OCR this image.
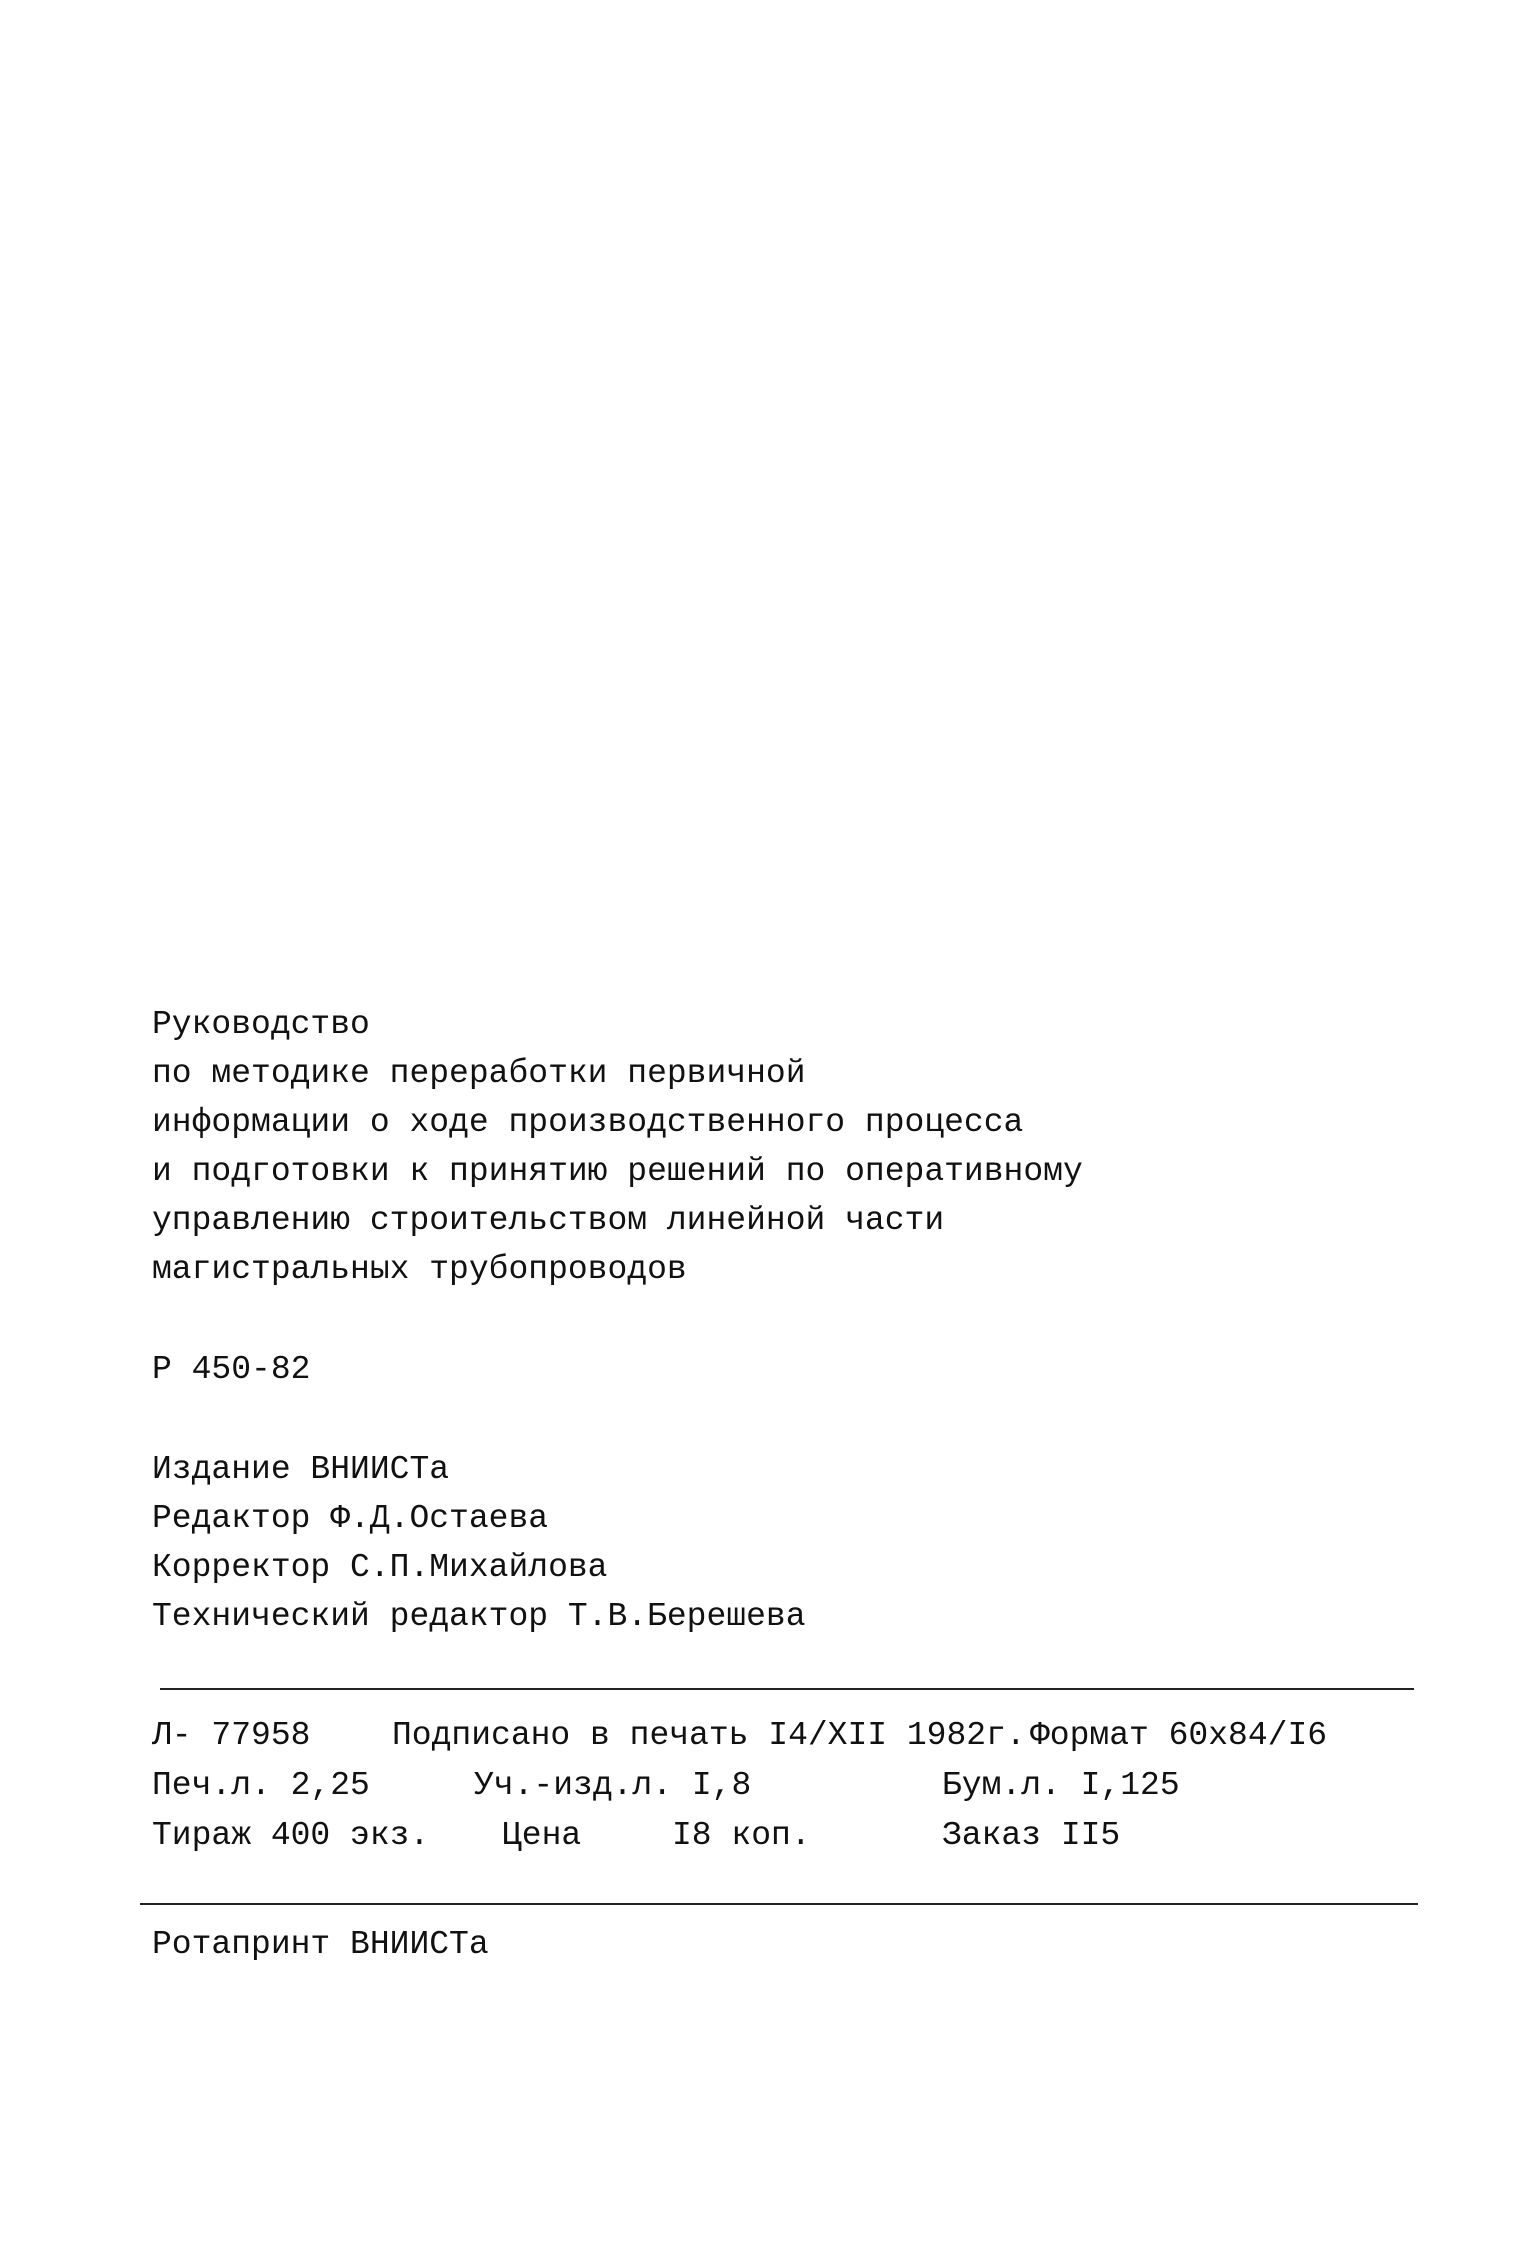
Руководство
по методике переработки первичной
информации о ходе производственного процесса
и подготовки к принятию решений по оперативному
управлению строительством линейной части
магистральных трубопроводов
Р 450-82
Издание ВНИИСТа
Редактор Ф.Д.Остаева
Корректор С.П.Михайлова
Технический редактор Т.В.Берешева
Л- 77958 Подписано в печать I4/XII 1982г. Формат 60x84/I6
Печ.л. 2,25	Уч.-изд.л. I,8	Бум.л. I,125
Тираж 400 экз. Цена	I8 коп.	Заказ II5
Ротапринт ВНИИСТа
